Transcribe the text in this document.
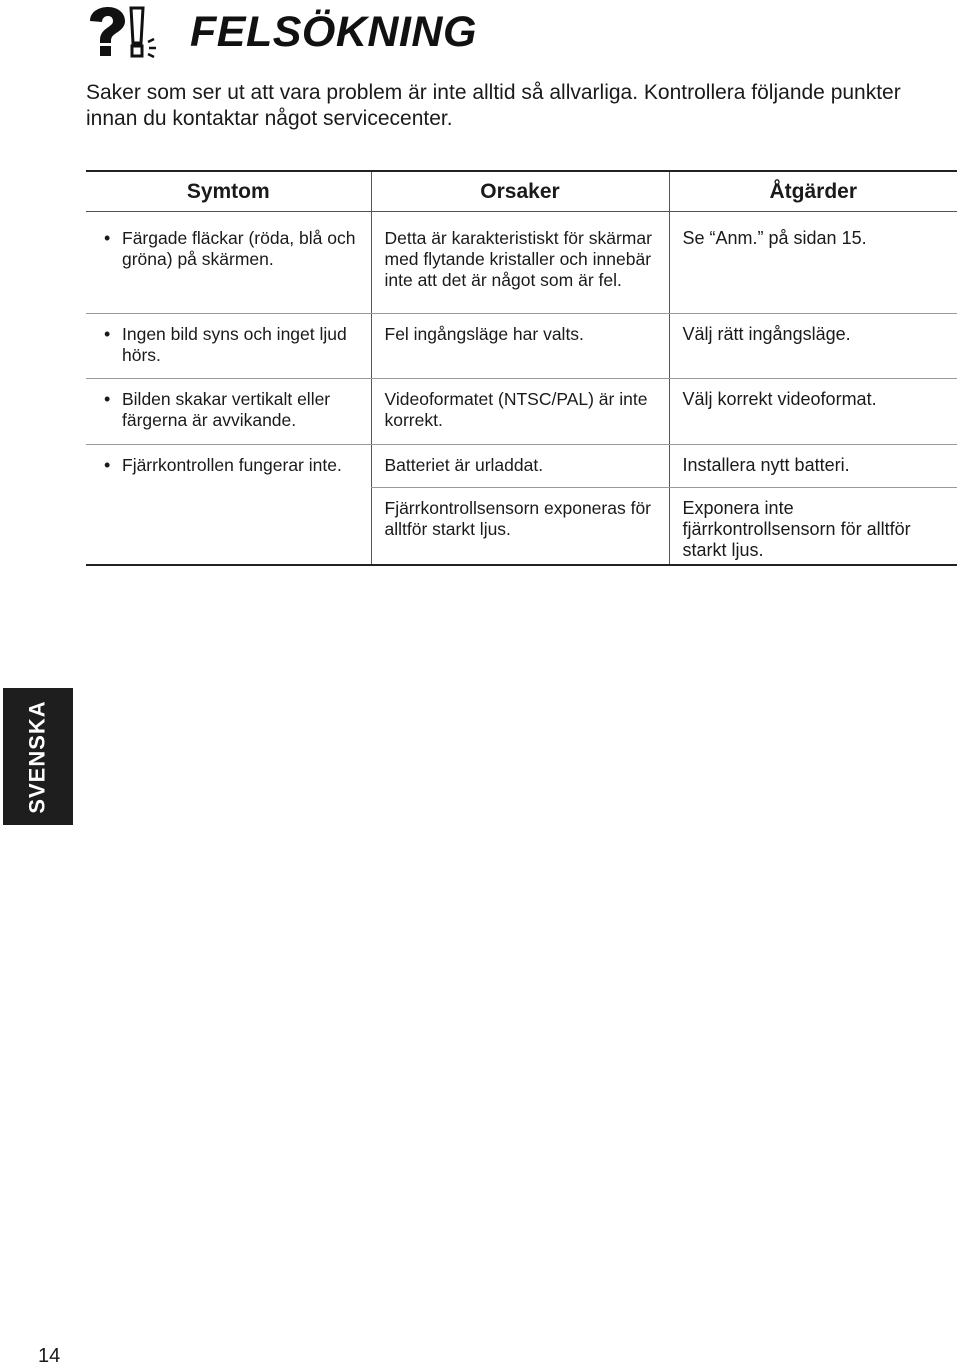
FELSÖKNING

Saker som ser ut att vara problem är inte alltid så allvarliga. Kontrollera följande punkter innan du kontaktar något servicecenter.

Symtom	Orsaker	Åtgärder

• Färgade fläckar (röda, blå och gröna) på skärmen.	Detta är karakteristiskt för skärmar med flytande kristaller och innebär inte att det är något som är fel.	Se “Anm.” på sidan 15.

• Ingen bild syns och inget ljud hörs.	Fel ingångsläge har valts.	Välj rätt ingångsläge.

• Bilden skakar vertikalt eller färgerna är avvikande.	Videoformatet (NTSC/PAL) är inte korrekt.	Välj korrekt videoformat.

• Fjärrkontrollen fungerar inte.	Batteriet är urladdat.	Installera nytt batteri.
	Fjärrkontrollsensorn exponeras för alltför starkt ljus.	Exponera inte fjärrkontrollsensorn för alltför starkt ljus.
SVENSKA
14
